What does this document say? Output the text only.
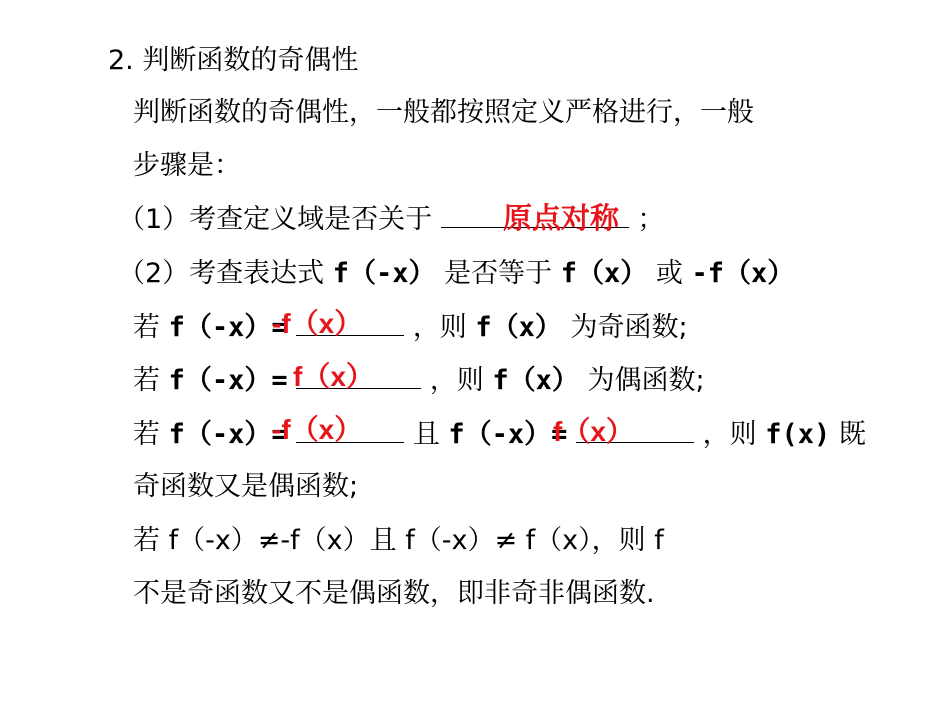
2. 判断函数的奇偶性
判断函数的奇偶性，一般都按照定义严格进行，一般
步骤是：
（1）考查定义域是否关于	；
原点对称
（2）考查表达式 f（-x） 是否等于 f（x） 或 -f（x）
若 f（-x）=	，则 f（x） 为奇函数;
-f（x）
若 f（-x）=	，则 f（x） 为偶函数;
f（x）
若 f（-x）=	且 f（-x）=	，则 f(x) 既
-f（x）	f（x）
奇函数又是偶函数;
若 f（-x）≠-f（x）且 f（-x）≠ f（x），则 f
不是奇函数又不是偶函数，即非奇非偶函数.
